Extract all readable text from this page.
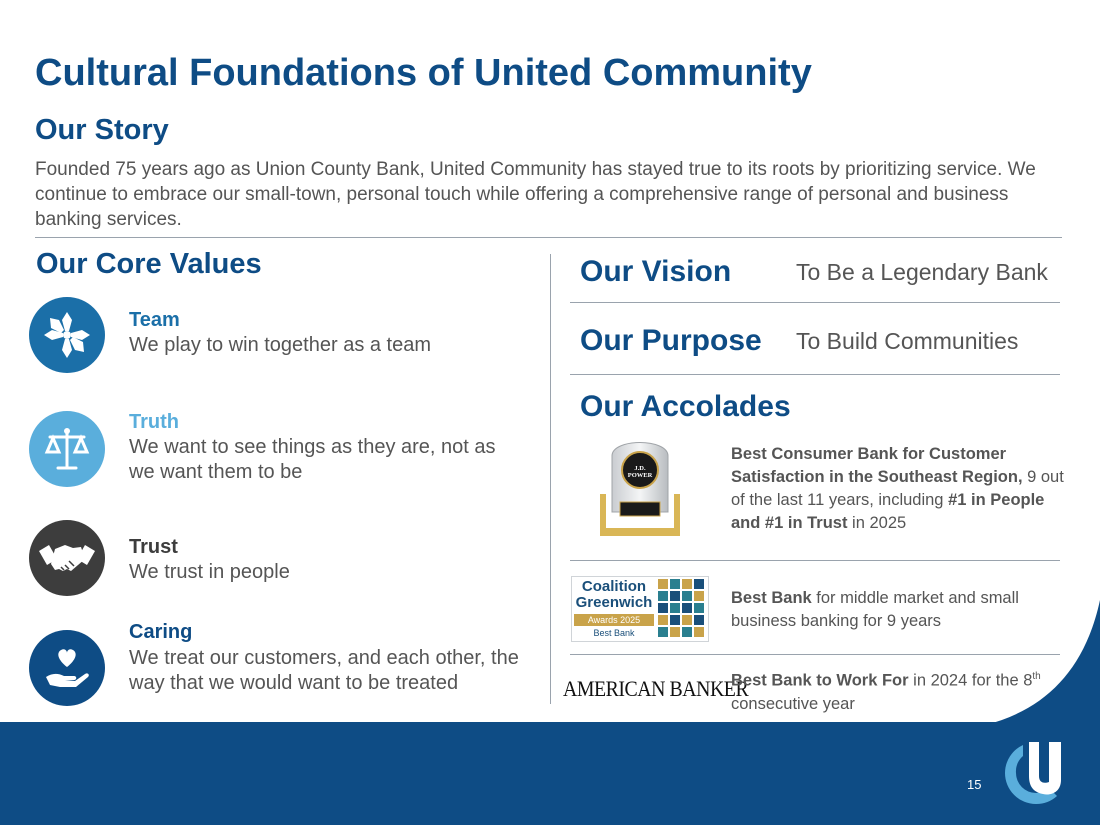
Cultural Foundations of United Community
Our Story
Founded 75 years ago as Union County Bank, United Community has stayed true to its roots by prioritizing service. We continue to embrace our small-town, personal touch while offering a comprehensive range of personal and business banking services.
Our Core Values
Team
We play to win together as a team
Truth
We want to see things as they are, not as we want them to be
Trust
We trust in people
Caring
We treat our customers, and each other, the way that we would want to be treated
Our Vision	To Be a Legendary Bank
Our Purpose To Build Communities
Our Accolades
J.D. POWER
Best Consumer Bank for Customer Satisfaction in the Southeast Region, 9 out of the last 11 years, including #1 in People and #1 in Trust in 2025
Coalition
Greenwich
Awards 2025
Best Bank
Best Bank for middle market and small business banking for 9 years
AMERICAN BANKER
Best Bank to Work For in 2024 for the 8th consecutive year
15
